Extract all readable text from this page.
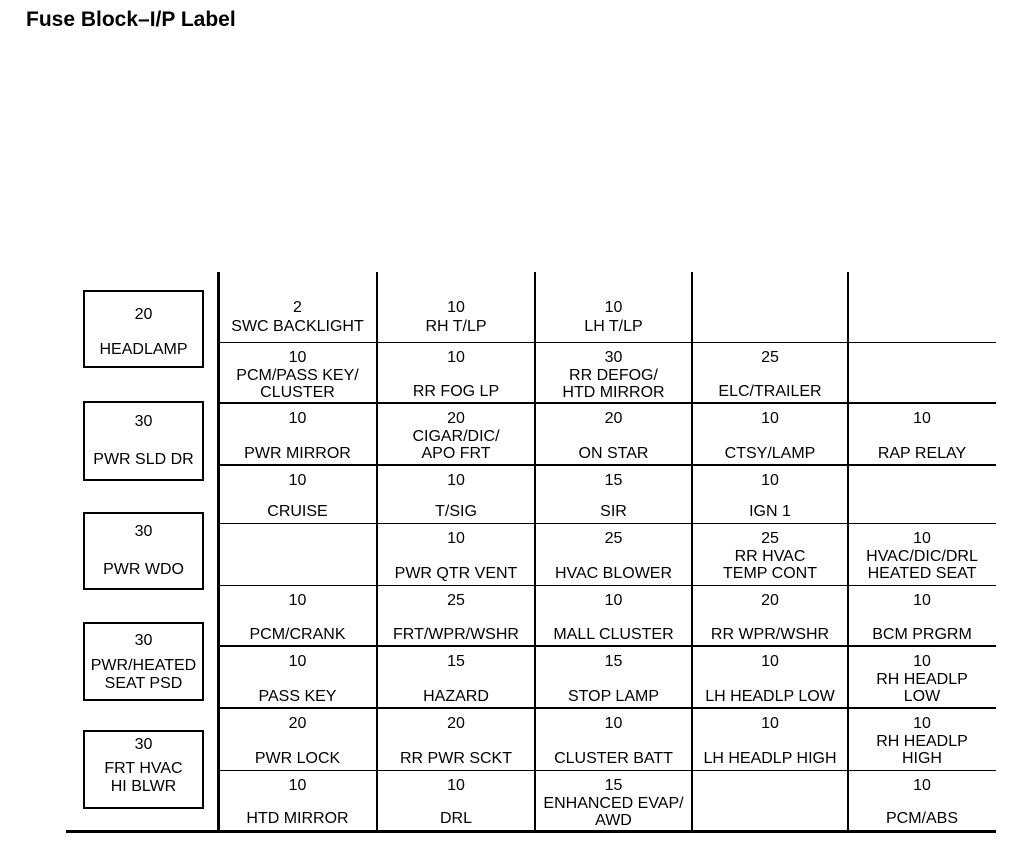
Fuse Block–I/P Label
2
SWC BACKLIGHT
10
RH T/LP
10
LH T/LP
10
PCM/PASS KEY/
CLUSTER
10
RR FOG LP
30
RR DEFOG/
HTD MIRROR
25
ELC/TRAILER
10
PWR MIRROR
20
CIGAR/DIC/
APO FRT
20
ON STAR
10
CTSY/LAMP
10
RAP RELAY
10
CRUISE
10
T/SIG
15
SIR
10
IGN 1
10
PWR QTR VENT
25
HVAC BLOWER
25
RR HVAC
TEMP CONT
10
HVAC/DIC/DRL
HEATED SEAT
10
PCM/CRANK
25
FRT/WPR/WSHR
10
MALL CLUSTER
20
RR WPR/WSHR
10
BCM PRGRM
10
PASS KEY
15
HAZARD
15
STOP LAMP
10
LH HEADLP LOW
10
RH HEADLP
LOW
20
PWR LOCK
20
RR PWR SCKT
10
CLUSTER BATT
10
LH HEADLP HIGH
10
RH HEADLP
HIGH
10
HTD MIRROR
10
DRL
15
ENHANCED EVAP/
AWD
10
PCM/ABS
20
HEADLAMP
30
PWR SLD DR
30
PWR WDO
30
PWR/HEATED
SEAT PSD
30
FRT HVAC
HI BLWR
